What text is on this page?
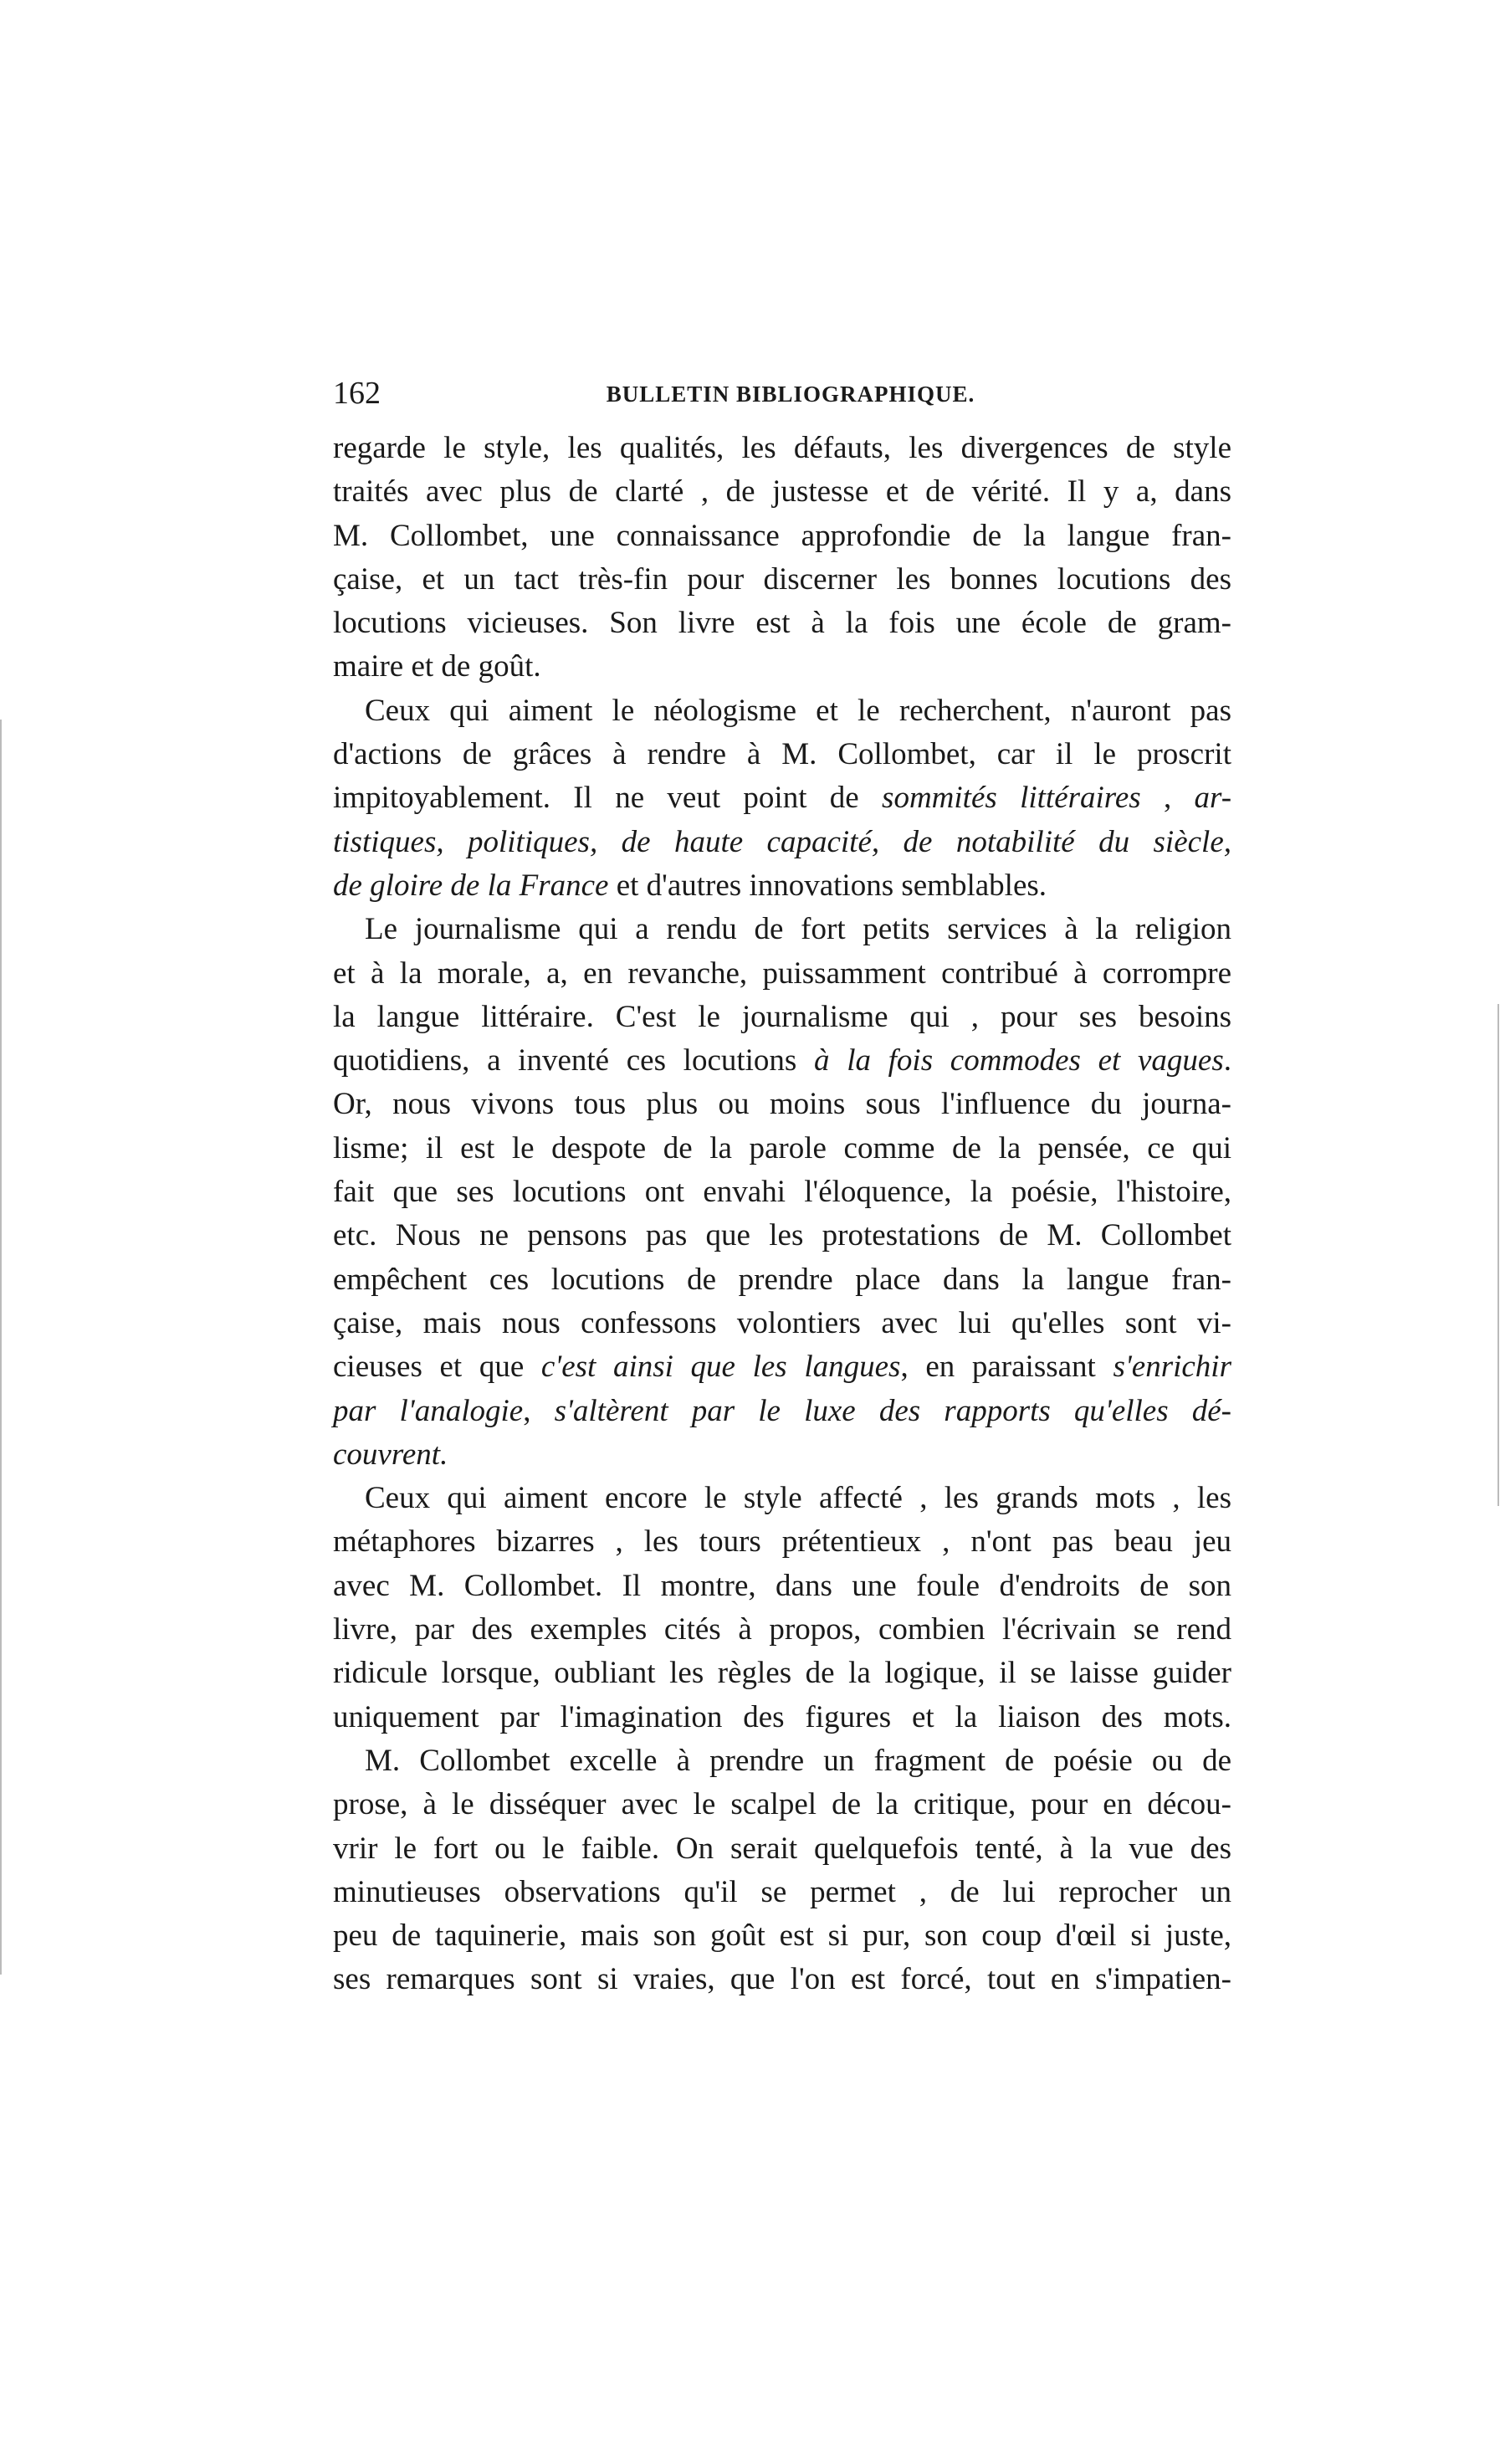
162	BULLETIN BIBLIOGRAPHIQUE.
regarde le style, les qualités, les défauts, les divergences de style
traités avec plus de clarté , de justesse et de vérité. Il y a, dans
M. Collombet, une connaissance approfondie de la langue fran-
çaise, et un tact très-fin pour discerner les bonnes locutions des
locutions vicieuses. Son livre est à la fois une école de gram-
maire et de goût.
Ceux qui aiment le néologisme et le recherchent, n'auront pas
d'actions de grâces à rendre à M. Collombet, car il le proscrit
impitoyablement. Il ne veut point de sommités littéraires , ar-
tistiques, politiques, de haute capacité, de notabilité du siècle,
de gloire de la France et d'autres innovations semblables.
Le journalisme qui a rendu de fort petits services à la religion
et à la morale, a, en revanche, puissamment contribué à corrompre
la langue littéraire. C'est le journalisme qui , pour ses besoins
quotidiens, a inventé ces locutions à la fois commodes et vagues.
Or, nous vivons tous plus ou moins sous l'influence du journa-
lisme; il est le despote de la parole comme de la pensée, ce qui
fait que ses locutions ont envahi l'éloquence, la poésie, l'histoire,
etc. Nous ne pensons pas que les protestations de M. Collombet
empêchent ces locutions de prendre place dans la langue fran-
çaise, mais nous confessons volontiers avec lui qu'elles sont vi-
cieuses et que c'est ainsi que les langues, en paraissant s'enrichir
par l'analogie, s'altèrent par le luxe des rapports qu'elles dé-
couvrent.
Ceux qui aiment encore le style affecté , les grands mots , les
métaphores bizarres , les tours prétentieux , n'ont pas beau jeu
avec M. Collombet. Il montre, dans une foule d'endroits de son
livre, par des exemples cités à propos, combien l'écrivain se rend
ridicule lorsque, oubliant les règles de la logique, il se laisse guider
uniquement par l'imagination des figures et la liaison des mots.
M. Collombet excelle à prendre un fragment de poésie ou de
prose, à le disséquer avec le scalpel de la critique, pour en décou-
vrir le fort ou le faible. On serait quelquefois tenté, à la vue des
minutieuses observations qu'il se permet , de lui reprocher un
peu de taquinerie, mais son goût est si pur, son coup d'œil si juste,
ses remarques sont si vraies, que l'on est forcé, tout en s'impatien-
